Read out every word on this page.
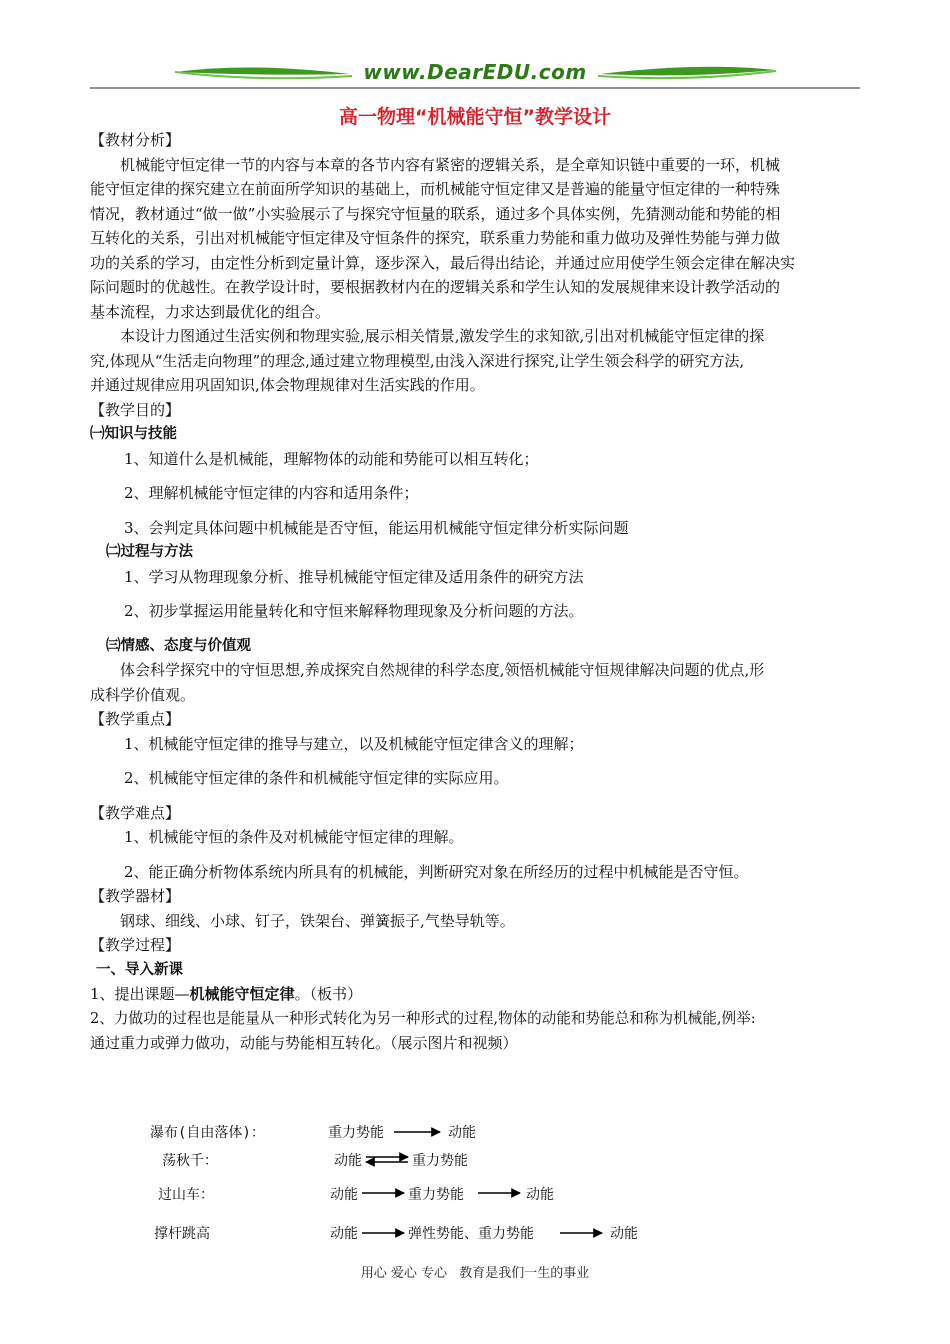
www.DearEDU.com
高一物理“机械能守恒”教学设计

【教材分析】

机械能守恒定律一节的内容与本章的各节内容有紧密的逻辑关系，是全章知识链中重要的一环，机械

能守恒定律的探究建立在前面所学知识的基础上，而机械能守恒定律又是普遍的能量守恒定律的一种特殊

情况，教材通过“做一做”小实验展示了与探究守恒量的联系，通过多个具体实例，先猜测动能和势能的相

互转化的关系，引出对机械能守恒定律及守恒条件的探究，联系重力势能和重力做功及弹性势能与弹力做

功的关系的学习，由定性分析到定量计算，逐步深入，最后得出结论，并通过应用使学生领会定律在解决实

际问题时的优越性。在教学设计时，要根据教材内在的逻辑关系和学生认知的发展规律来设计教学活动的

基本流程，力求达到最优化的组合。

本设计力图通过生活实例和物理实验,展示相关情景,激发学生的求知欲,引出对机械能守恒定律的探

究,体现从“生活走向物理”的理念,通过建立物理模型,由浅入深进行探究,让学生领会科学的研究方法,

并通过规律应用巩固知识,体会物理规律对生活实践的作用。

【教学目的】

㈠知识与技能

1、知道什么是机械能，理解物体的动能和势能可以相互转化；

2、理解机械能守恒定律的内容和适用条件；

3、会判定具体问题中机械能是否守恒，能运用机械能守恒定律分析实际问题

㈡过程与方法

1、学习从物理现象分析、推导机械能守恒定律及适用条件的研究方法

2、初步掌握运用能量转化和守恒来解释物理现象及分析问题的方法。

㈢情感、态度与价值观

体会科学探究中的守恒思想,养成探究自然规律的科学态度,领悟机械能守恒规律解决问题的优点,形

成科学价值观。

【教学重点】

1、机械能守恒定律的推导与建立，以及机械能守恒定律含义的理解；

2、机械能守恒定律的条件和机械能守恒定律的实际应用。

【教学难点】

1、机械能守恒的条件及对机械能守恒定律的理解。

2、能正确分析物体系统内所具有的机械能，判断研究对象在所经历的过程中机械能是否守恒。

【教学器材】

钢球、细线、小球、钉子，铁架台、弹簧振子,气垫导轨等。

【教学过程】

一、导入新课

1、提出课题—机械能守恒定律。（板书）

2、力做功的过程也是能量从一种形式转化为另一种形式的过程,物体的动能和势能总和称为机械能,例举:

通过重力或弹力做功，动能与势能相互转化。（展示图片和视频）

瀑布(自由落体)：	重力势能	动能
荡秋千：	动能	重力势能
过山车：	动能	重力势能	动能
撑杆跳高	动能	弹性势能、重力势能	动能
用心 爱心 专心 教育是我们一生的事业
